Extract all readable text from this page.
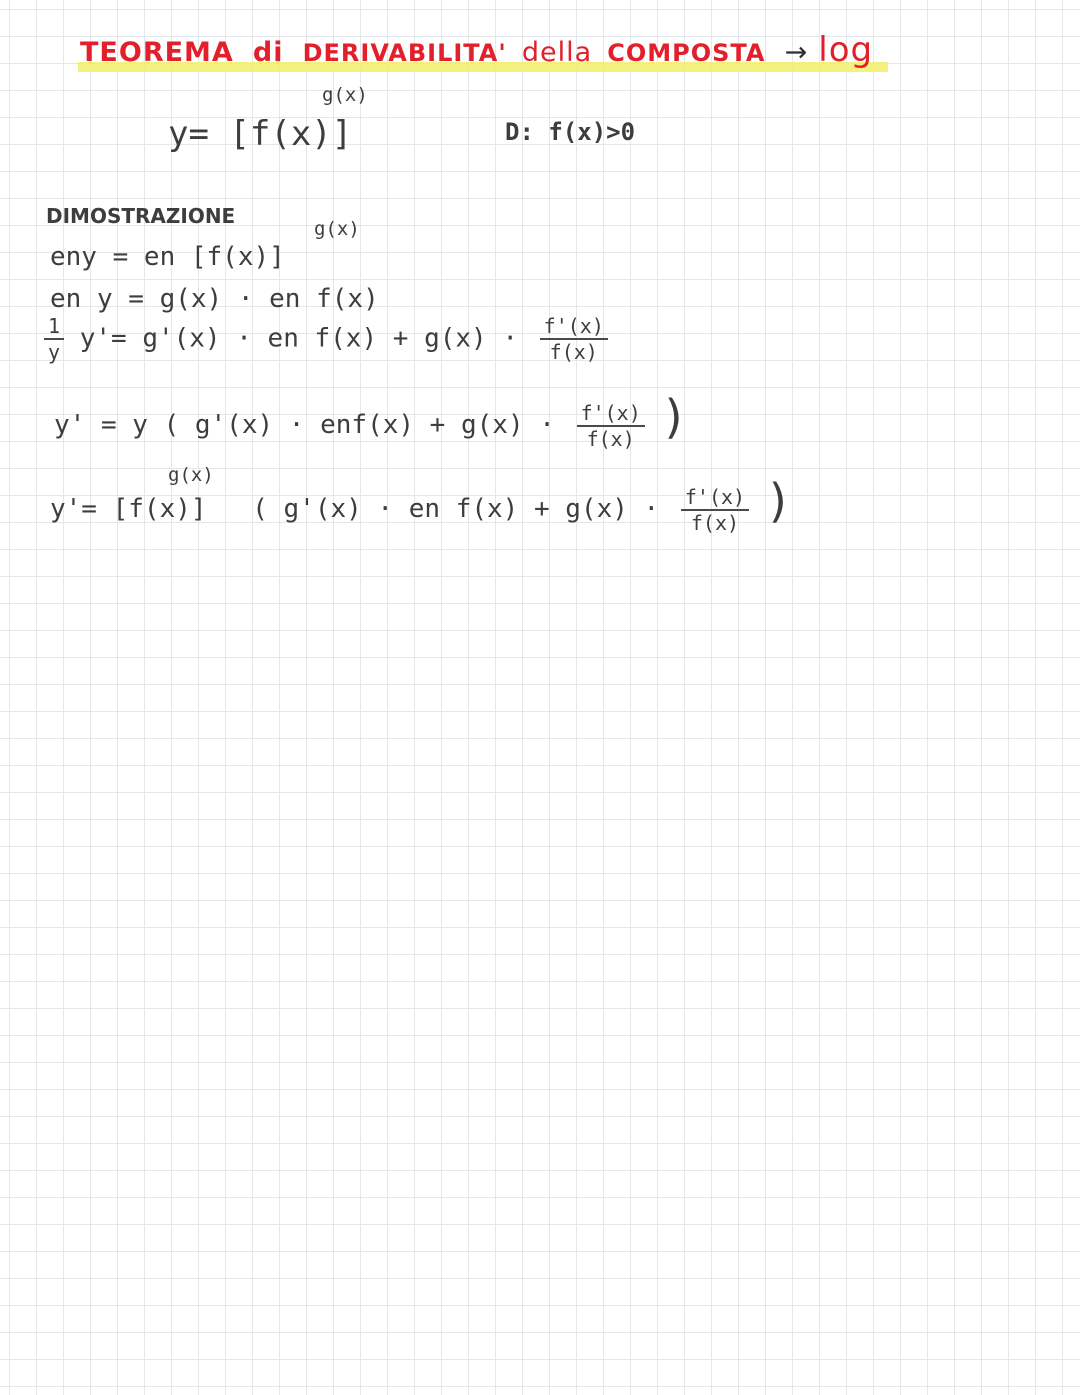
TEOREMA di DERIVABILITA' della COMPOSTA → log
g(x)
y= [f(x)]	D: f(x)>0
DIMOSTRAZIONE
g(x)
eny = en [f(x)]
en y = g(x) · en f(x)
$\frac{1}{y} y'= g'(x)$ · en $f(x) + g(x) \cdot \frac{f'(x)}{f(x)}$
y' = y ( $g'(x) \cdot enf(x) + g(x) \cdot \frac{f'(x)}{f(x)}$ )
g(x)
y'= [f(x)] ( g'(x) · en $f(x) + g(x) \cdot \frac{f'(x)}{f(x)}$ )
